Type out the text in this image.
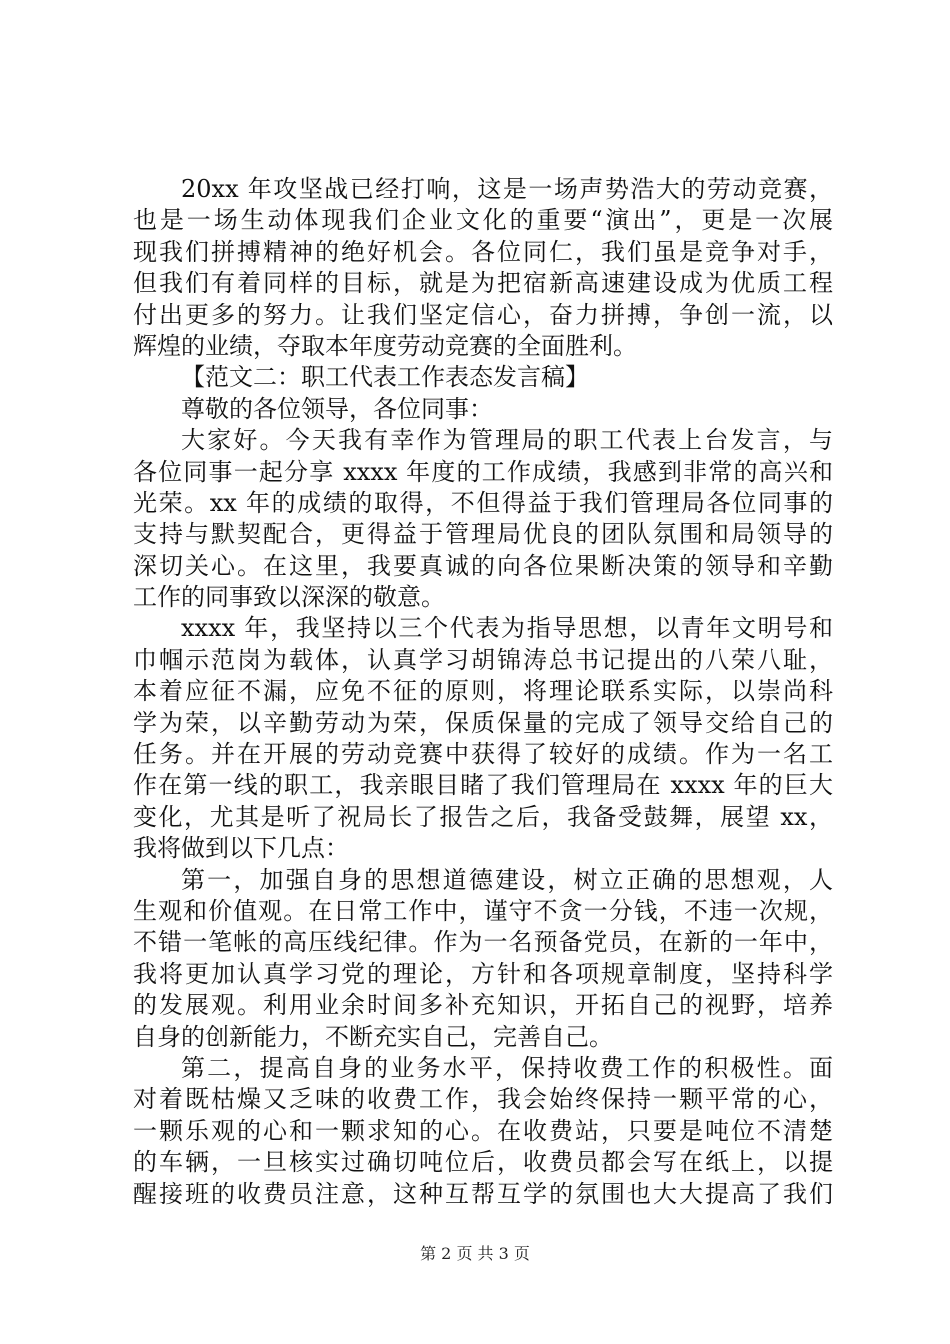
20xx 年攻坚战已经打响，这是一场声势浩大的劳动竞赛，
也是一场生动体现我们企业文化的重要“演出”，更是一次展
现我们拼搏精神的绝好机会。各位同仁，我们虽是竞争对手，
但我们有着同样的目标，就是为把宿新高速建设成为优质工程
付出更多的努力。让我们坚定信心，奋力拼搏，争创一流，以
辉煌的业绩，夺取本年度劳动竞赛的全面胜利。
【范文二：职工代表工作表态发言稿】
尊敬的各位领导，各位同事：
大家好。今天我有幸作为管理局的职工代表上台发言，与
各位同事一起分享 xxxx 年度的工作成绩，我感到非常的高兴和
光荣。xx 年的成绩的取得，不但得益于我们管理局各位同事的
支持与默契配合，更得益于管理局优良的团队氛围和局领导的
深切关心。在这里，我要真诚的向各位果断决策的领导和辛勤
工作的同事致以深深的敬意。
xxxx 年，我坚持以三个代表为指导思想，以青年文明号和
巾帼示范岗为载体，认真学习胡锦涛总书记提出的八荣八耻，
本着应征不漏，应免不征的原则，将理论联系实际，以崇尚科
学为荣，以辛勤劳动为荣，保质保量的完成了领导交给自己的
任务。并在开展的劳动竞赛中获得了较好的成绩。作为一名工
作在第一线的职工，我亲眼目睹了我们管理局在 xxxx 年的巨大
变化，尤其是听了祝局长了报告之后，我备受鼓舞，展望 xx，
我将做到以下几点：
第一，加强自身的思想道德建设，树立正确的思想观，人
生观和价值观。在日常工作中，谨守不贪一分钱，不违一次规，
不错一笔帐的高压线纪律。作为一名预备党员，在新的一年中，
我将更加认真学习党的理论，方针和各项规章制度，坚持科学
的发展观。利用业余时间多补充知识，开拓自己的视野，培养
自身的创新能力，不断充实自己，完善自己。
第二，提高自身的业务水平，保持收费工作的积极性。面
对着既枯燥又乏味的收费工作，我会始终保持一颗平常的心，
一颗乐观的心和一颗求知的心。在收费站，只要是吨位不清楚
的车辆，一旦核实过确切吨位后，收费员都会写在纸上，以提
醒接班的收费员注意，这种互帮互学的氛围也大大提高了我们
第 2 页 共 3 页
